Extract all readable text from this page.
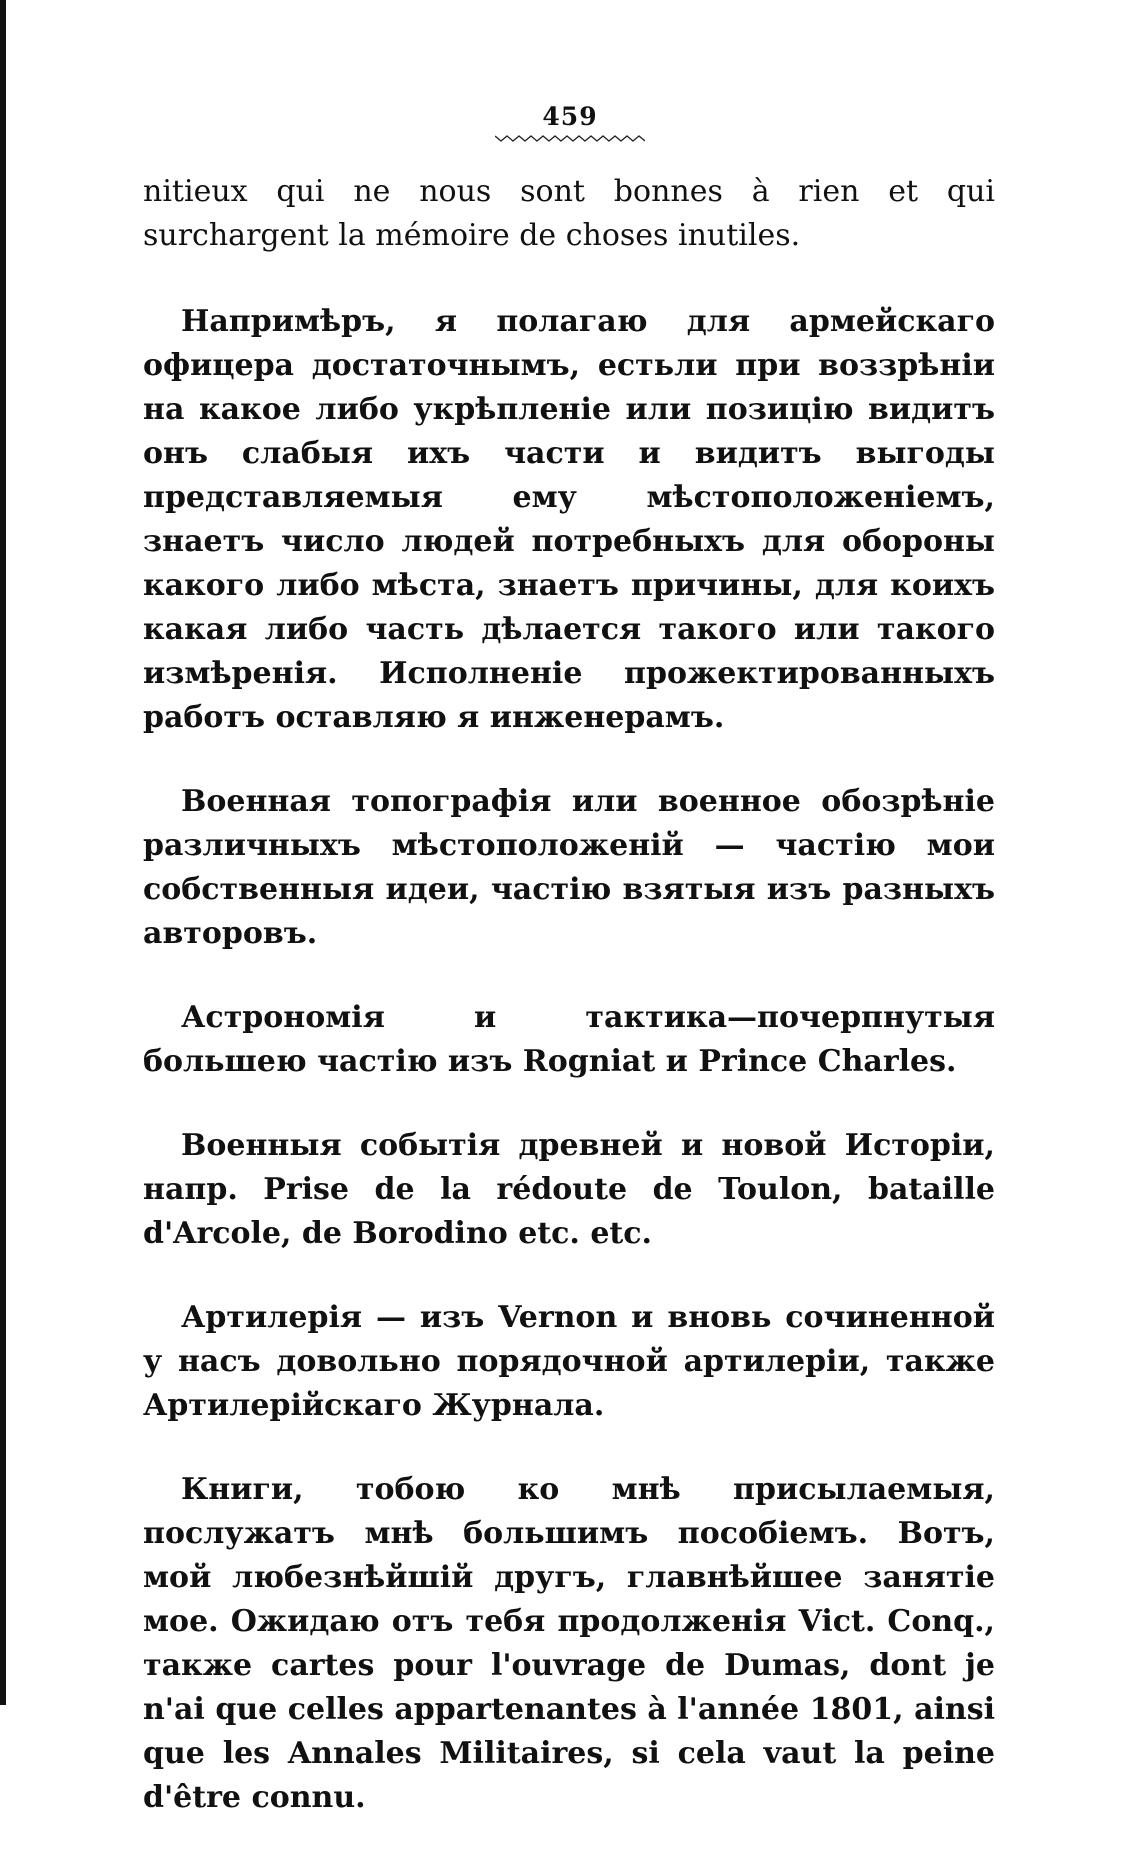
459

nitieux qui ne nous sont bonnes à rien et qui surchargent la mémoire de choses inutiles.

Напримѣръ, я полагаю для армейскаго офицера достаточнымъ, естьли при воззрѣніи на какое либо укрѣпленіе или позицію видитъ онъ слабыя ихъ части и видитъ выгоды представляемыя ему мѣстоположеніемъ, знаетъ число людей потребныхъ для обороны какого либо мѣста, знаетъ причины, для коихъ какая либо часть дѣлается такого или такого измѣренія. Исполненіе прожектированныхъ работъ оставляю я инженерамъ.

Военная топографія или военное обозрѣніе различныхъ мѣстоположеній — частію мои собственныя идеи, частію взятыя изъ разныхъ авторовъ.

Астрономія и тактика—почерпнутыя большею частію изъ Rogniat и Prince Charles.

Военныя событія древней и новой Исторіи, напр. Prise de la rédoute de Toulon, bataille d'Arcole, de Borodino etc. etc.

Артилерія — изъ Vernon и вновь сочиненной у насъ довольно порядочной артилеріи, также Артилерійскаго Журнала.

Книги, тобою ко мнѣ присылаемыя, послужатъ мнѣ большимъ пособіемъ. Вотъ, мой любезнѣйшій другъ, главнѣйшее занятіе мое. Ожидаю отъ тебя продолженія Vict. Conq., также cartes pour l'ouvrage de Dumas, dont je n'ai que celles appartenantes à l'année 1801, ainsi que les Annales Militaires, si cela vaut la peine d'être connu.
